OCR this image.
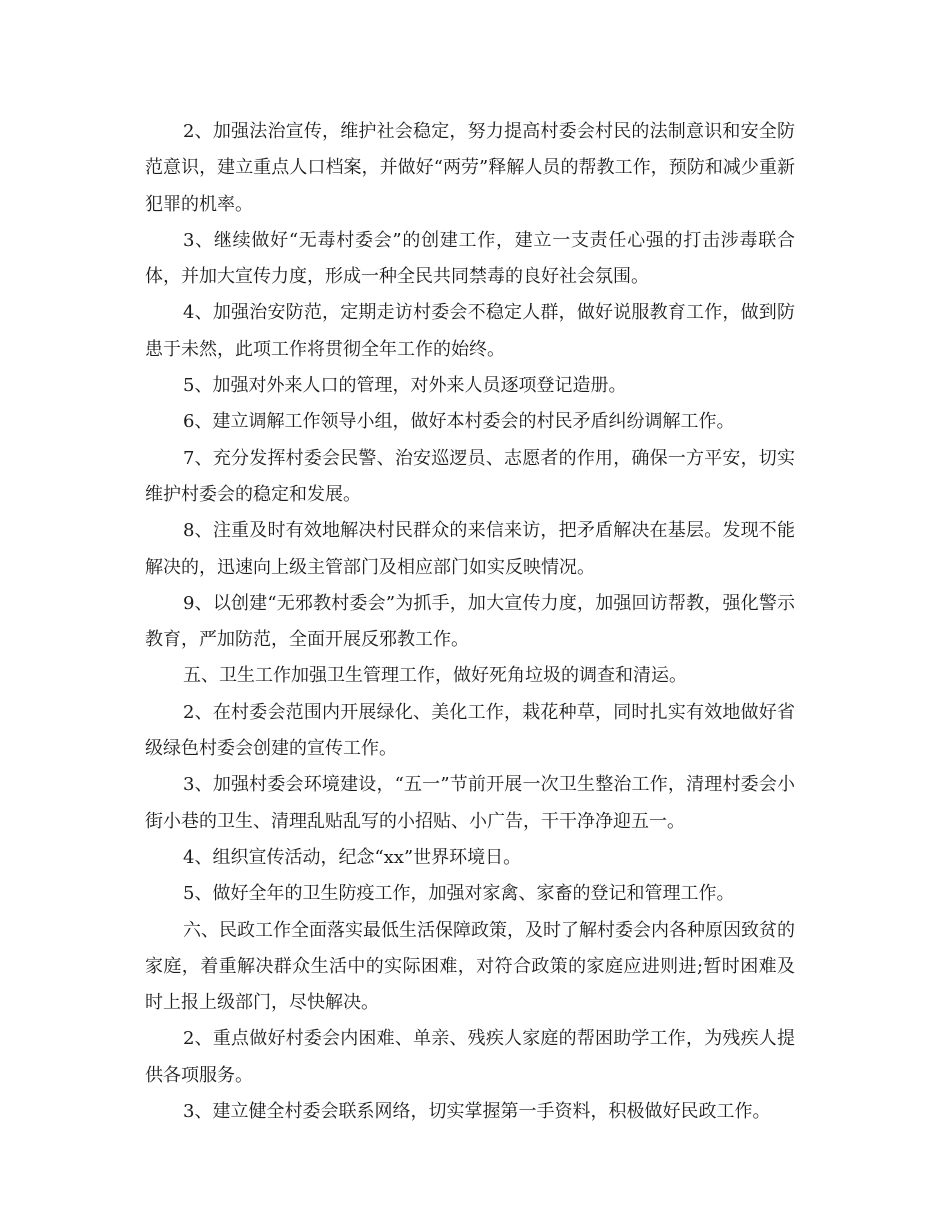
2、加强法治宣传，维护社会稳定，努力提高村委会村民的法制意识和安全防范意识，建立重点人口档案，并做好“两劳”释解人员的帮教工作，预防和减少重新犯罪的机率。

3、继续做好“无毒村委会”的创建工作，建立一支责任心强的打击涉毒联合体，并加大宣传力度，形成一种全民共同禁毒的良好社会氛围。

4、加强治安防范，定期走访村委会不稳定人群，做好说服教育工作，做到防患于未然，此项工作将贯彻全年工作的始终。

5、加强对外来人口的管理，对外来人员逐项登记造册。

6、建立调解工作领导小组，做好本村委会的村民矛盾纠纷调解工作。

7、充分发挥村委会民警、治安巡逻员、志愿者的作用，确保一方平安，切实维护村委会的稳定和发展。

8、注重及时有效地解决村民群众的来信来访，把矛盾解决在基层。发现不能解决的，迅速向上级主管部门及相应部门如实反映情况。

9、以创建“无邪教村委会”为抓手，加大宣传力度，加强回访帮教，强化警示教育，严加防范，全面开展反邪教工作。

五、卫生工作加强卫生管理工作，做好死角垃圾的调查和清运。

2、在村委会范围内开展绿化、美化工作，栽花种草，同时扎实有效地做好省级绿色村委会创建的宣传工作。

3、加强村委会环境建设，“五一”节前开展一次卫生整治工作，清理村委会小街小巷的卫生、清理乱贴乱写的小招贴、小广告，干干净净迎五一。

4、组织宣传活动，纪念“xx”世界环境日。

5、做好全年的卫生防疫工作，加强对家禽、家畜的登记和管理工作。

六、民政工作全面落实最低生活保障政策，及时了解村委会内各种原因致贫的家庭，着重解决群众生活中的实际困难，对符合政策的家庭应进则进;暂时困难及时上报上级部门，尽快解决。

2、重点做好村委会内困难、单亲、残疾人家庭的帮困助学工作，为残疾人提供各项服务。

3、建立健全村委会联系网络，切实掌握第一手资料，积极做好民政工作。
